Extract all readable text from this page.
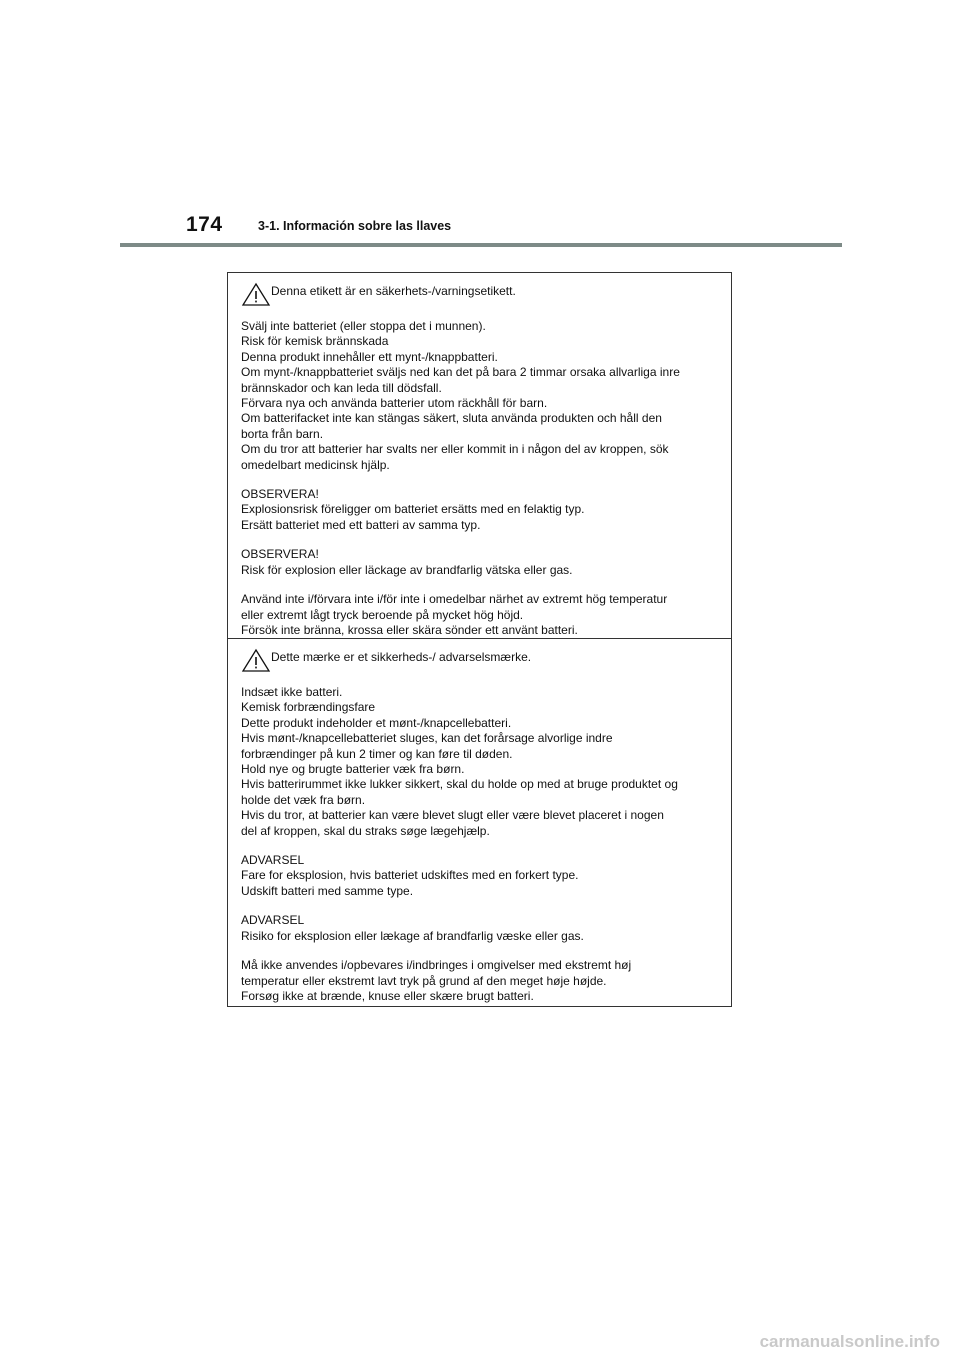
174	3-1. Información sobre las llaves
Denna etikett är en säkerhets-/varningsetikett.
Svälj inte batteriet (eller stoppa det i munnen).
Risk för kemisk brännskada
Denna produkt innehåller ett mynt-/knappbatteri.
Om mynt-/knappbatteriet sväljs ned kan det på bara 2 timmar orsaka allvarliga inre
brännskador och kan leda till dödsfall.
Förvara nya och använda batterier utom räckhåll för barn.
Om batterifacket inte kan stängas säkert, sluta använda produkten och håll den
borta från barn.
Om du tror att batterier har svalts ner eller kommit in i någon del av kroppen, sök
omedelbart medicinsk hjälp.
OBSERVERA!
Explosionsrisk föreligger om batteriet ersätts med en felaktig typ.
Ersätt batteriet med ett batteri av samma typ.
OBSERVERA!
Risk för explosion eller läckage av brandfarlig vätska eller gas.
Använd inte i/förvara inte i/för inte i omedelbar närhet av extremt hög temperatur
eller extremt lågt tryck beroende på mycket hög höjd.
Försök inte bränna, krossa eller skära sönder ett använt batteri.
Dette mærke er et sikkerheds-/ advarselsmærke.
Indsæt ikke batteri.
Kemisk forbrændingsfare
Dette produkt indeholder et mønt-/knapcellebatteri.
Hvis mønt-/knapcellebatteriet sluges, kan det forårsage alvorlige indre
forbrændinger på kun 2 timer og kan føre til døden.
Hold nye og brugte batterier væk fra børn.
Hvis batterirummet ikke lukker sikkert, skal du holde op med at bruge produktet og
holde det væk fra børn.
Hvis du tror, at batterier kan være blevet slugt eller være blevet placeret i nogen
del af kroppen, skal du straks søge lægehjælp.
ADVARSEL
Fare for eksplosion, hvis batteriet udskiftes med en forkert type.
Udskift batteri med samme type.
ADVARSEL
Risiko for eksplosion eller lækage af brandfarlig væske eller gas.
Må ikke anvendes i/opbevares i/indbringes i omgivelser med ekstremt høj
temperatur eller ekstremt lavt tryk på grund af den meget høje højde.
Forsøg ikke at brænde, knuse eller skære brugt batteri.
carmanualsonline.info
